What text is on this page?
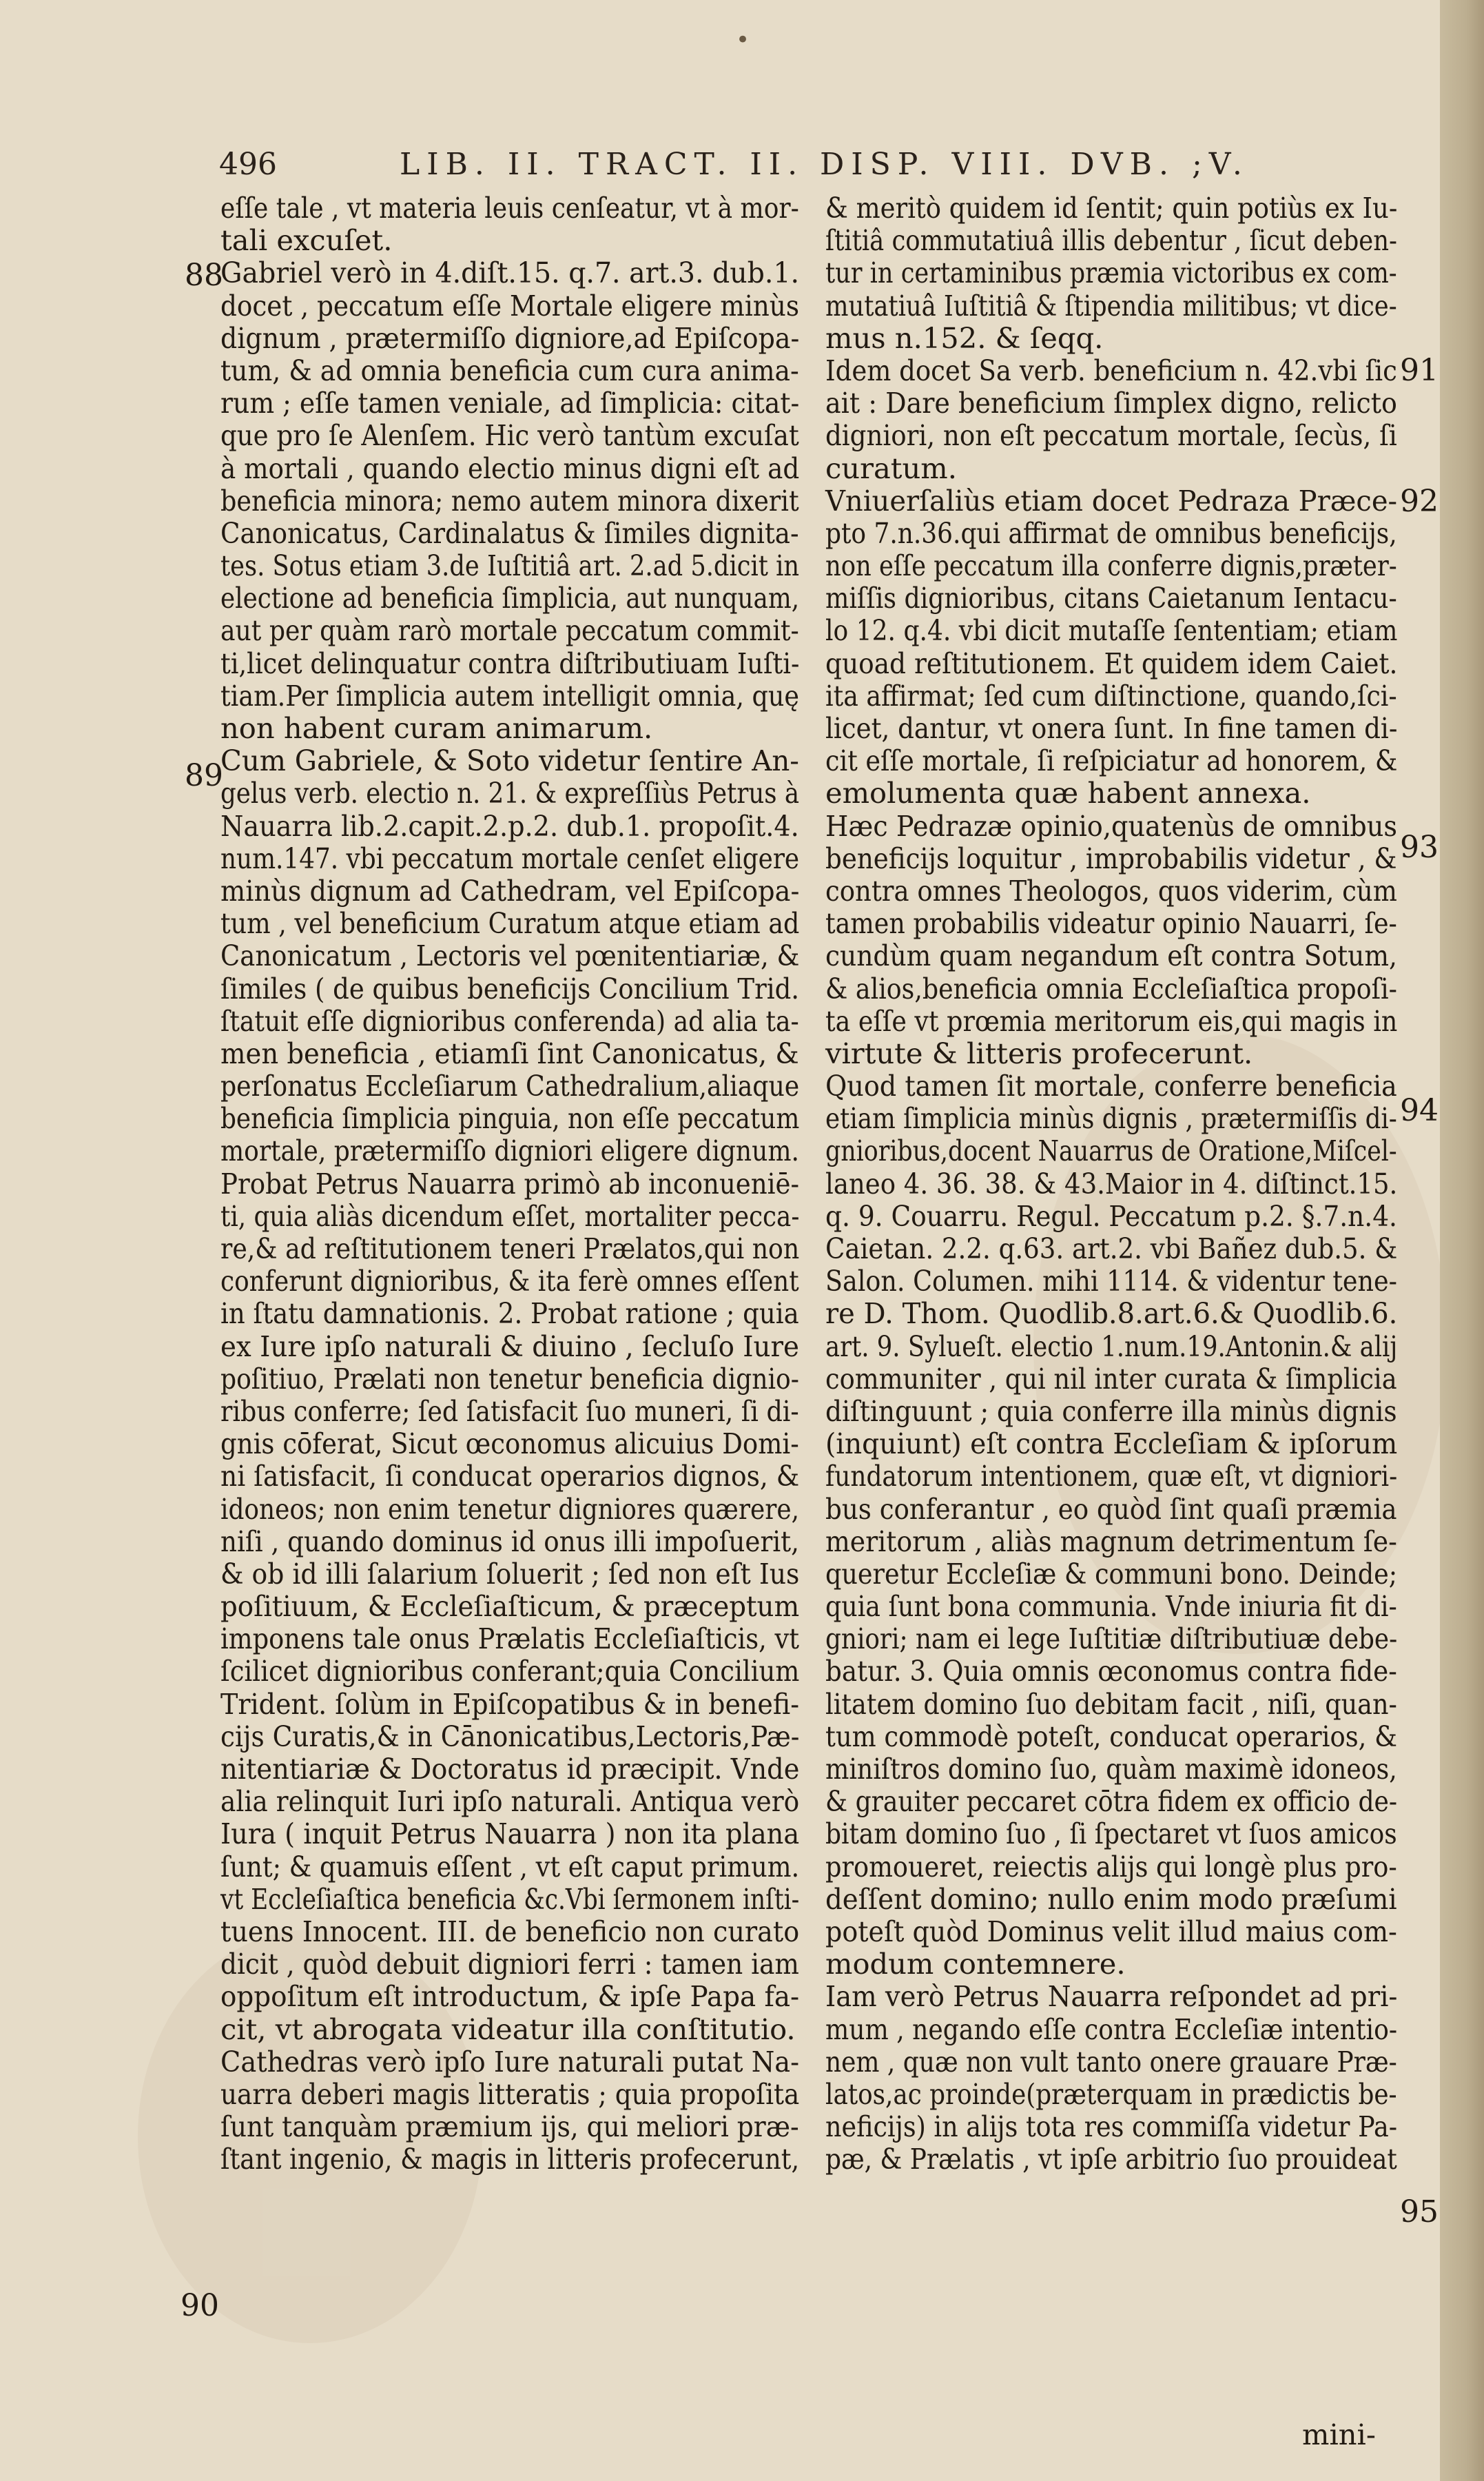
•
496	LIB. II. TRACT. II. DISP. VIII. DVB. ;V.
eſſe tale , vt materia leuis cenſeatur, vt à mor-
tali excuſet.
Gabriel verò in 4.diſt.15. q.7. art.3. dub.1.
docet , peccatum eſſe Mortale eligere minùs
dignum , prætermiſſo digniore,ad Epiſcopa-
tum, & ad omnia beneficia cum cura anima-
rum ; eſſe tamen veniale, ad ſimplicia: citat-
que pro ſe Alenſem. Hic verò tantùm excuſat
à mortali , quando electio minus digni eſt ad
beneficia minora; nemo autem minora dixerit
Canonicatus, Cardinalatus & ſimiles dignita-
tes. Sotus etiam 3.de Iuſtitiâ art. 2.ad 5.dicit in
electione ad beneficia ſimplicia, aut nunquam,
aut per quàm rarò mortale peccatum commit-
ti,licet delinquatur contra diſtributiuam Iuſti-
tiam.Per ſimplicia autem intelligit omnia, quę
non habent curam animarum.
Cum Gabriele, & Soto videtur ſentire An-
gelus verb. electio n. 21. & expreſſiùs Petrus à
Nauarra lib.2.capit.2.p.2. dub.1. propoſit.4.
num.147. vbi peccatum mortale cenſet eligere
minùs dignum ad Cathedram, vel Epiſcopa-
tum , vel beneficium Curatum atque etiam ad
Canonicatum , Lectoris vel pœnitentiariæ, &
ſimiles ( de quibus beneficijs Concilium Trid.
ſtatuit eſſe dignioribus conferenda) ad alia ta-
men beneficia , etiamſi ſint Canonicatus, &
perſonatus Eccleſiarum Cathedralium,aliaque
beneficia ſimplicia pinguia, non eſſe peccatum
mortale, prætermiſſo digniori eligere dignum.
Probat Petrus Nauarra primò ab inconueniē-
ti, quia aliàs dicendum eſſet, mortaliter pecca-
re,& ad reſtitutionem teneri Prælatos,qui non
conferunt dignioribus, & ita ferè omnes eſſent
in ſtatu damnationis. 2. Probat ratione ; quia
ex Iure ipſo naturali & diuino , ſecluſo Iure
poſitiuo, Prælati non tenetur beneficia dignio-
ribus conferre; ſed ſatisfacit ſuo muneri, ſi di-
gnis cōferat, Sicut œconomus alicuius Domi-
ni ſatisfacit, ſi conducat operarios dignos, &
idoneos; non enim tenetur digniores quærere,
niſi , quando dominus id onus illi impoſuerit,
& ob id illi ſalarium ſoluerit ; ſed non eſt Ius
poſitiuum, & Eccleſiaſticum, & præceptum
imponens tale onus Prælatis Eccleſiaſticis, vt
ſcilicet dignioribus conferant;quia Concilium
Trident. ſolùm in Epiſcopatibus & in benefi-
cijs Curatis,& in Cānonicatibus,Lectoris,Pæ-
nitentiariæ & Doctoratus id præcipit. Vnde
alia relinquit Iuri ipſo naturali. Antiqua verò
Iura ( inquit Petrus Nauarra ) non ita plana
ſunt; & quamuis eſſent , vt eſt caput primum.
vt Eccleſiaſtica beneficia &c.Vbi ſermonem inſti-
tuens Innocent. III. de beneficio non curato
dicit , quòd debuit digniori ferri : tamen iam
oppoſitum eſt introductum, & ipſe Papa fa-
cit, vt abrogata videatur illa conſtitutio.
Cathedras verò ipſo Iure naturali putat Na-
uarra deberi magis litteratis ; quia propoſita
ſunt tanquàm præmium ijs, qui meliori præ-
ſtant ingenio, & magis in litteris profecerunt,
& meritò quidem id ſentit; quin potiùs ex Iu-
ſtitiâ commutatiuâ illis debentur , ſicut deben-
tur in certaminibus præmia victoribus ex com-
mutatiuâ Iuſtitiâ & ſtipendia militibus; vt dice-
mus n.152. & ſeqq.
Idem docet Sa verb. beneficium n. 42.vbi ſic
ait : Dare beneficium ſimplex digno, relicto
digniori, non eſt peccatum mortale, ſecùs, ſi
curatum.
Vniuerſaliùs etiam docet Pedraza Præce-
pto 7.n.36.qui affirmat de omnibus beneficijs,
non eſſe peccatum illa conferre dignis,præter-
miſſis dignioribus, citans Caietanum Ientacu-
lo 12. q.4. vbi dicit mutaſſe ſententiam; etiam
quoad reſtitutionem. Et quidem idem Caiet.
ita affirmat; ſed cum diſtinctione, quando,ſci-
licet, dantur, vt onera ſunt. In fine tamen di-
cit eſſe mortale, ſi reſpiciatur ad honorem, &
emolumenta quæ habent annexa.
Hæc Pedrazæ opinio,quatenùs de omnibus
beneficijs loquitur , improbabilis videtur , &
contra omnes Theologos, quos viderim, cùm
tamen probabilis videatur opinio Nauarri, ſe-
cundùm quam negandum eſt contra Sotum,
& alios,beneficia omnia Eccleſiaſtica propoſi-
ta eſſe vt prœmia meritorum eis,qui magis in
virtute & litteris profecerunt.
Quod tamen ſit mortale, conferre beneficia
etiam ſimplicia minùs dignis , prætermiſſis di-
gnioribus,docent Nauarrus de Oratione,Miſcel-
laneo 4. 36. 38. & 43.Maior in 4. diſtinct.15.
q. 9. Couarru. Regul. Peccatum p.2. §.7.n.4.
Caietan. 2.2. q.63. art.2. vbi Bañez dub.5. &
Salon. Columen. mihi 1114. & videntur tene-
re D. Thom. Quodlib.8.art.6.& Quodlib.6.
art. 9. Sylueſt. electio 1.num.19.Antonin.& alij
communiter , qui nil inter curata & ſimplicia
diſtinguunt ; quia conferre illa minùs dignis
(inquiunt) eſt contra Eccleſiam & ipſorum
fundatorum intentionem, quæ eſt, vt digniori-
bus conferantur , eo quòd ſint quaſi præmia
meritorum , aliàs magnum detrimentum ſe-
queretur Eccleſiæ & communi bono. Deinde;
quia ſunt bona communia. Vnde iniuria fit di-
gniori; nam ei lege Iuſtitiæ diſtributiuæ debe-
batur. 3. Quia omnis œconomus contra fide-
litatem domino ſuo debitam facit , niſi, quan-
tum commodè poteſt, conducat operarios, &
miniſtros domino ſuo, quàm maximè idoneos,
& grauiter peccaret cōtra fidem ex officio de-
bitam domino ſuo , ſi ſpectaret vt ſuos amicos
promoueret, reiectis alijs qui longè plus pro-
deſſent domino; nullo enim modo præſumi
poteſt quòd Dominus velit illud maius com-
modum contemnere.
Iam verò Petrus Nauarra reſpondet ad pri-
mum , negando eſſe contra Eccleſiæ intentio-
nem , quæ non vult tanto onere grauare Præ-
latos,ac proinde(præterquam in prædictis be-
neficijs) in alijs tota res commiſſa videtur Pa-
pæ, & Prælatis , vt ipſe arbitrio ſuo prouideat
88
89
90
91
92
93
94
95
mini-
